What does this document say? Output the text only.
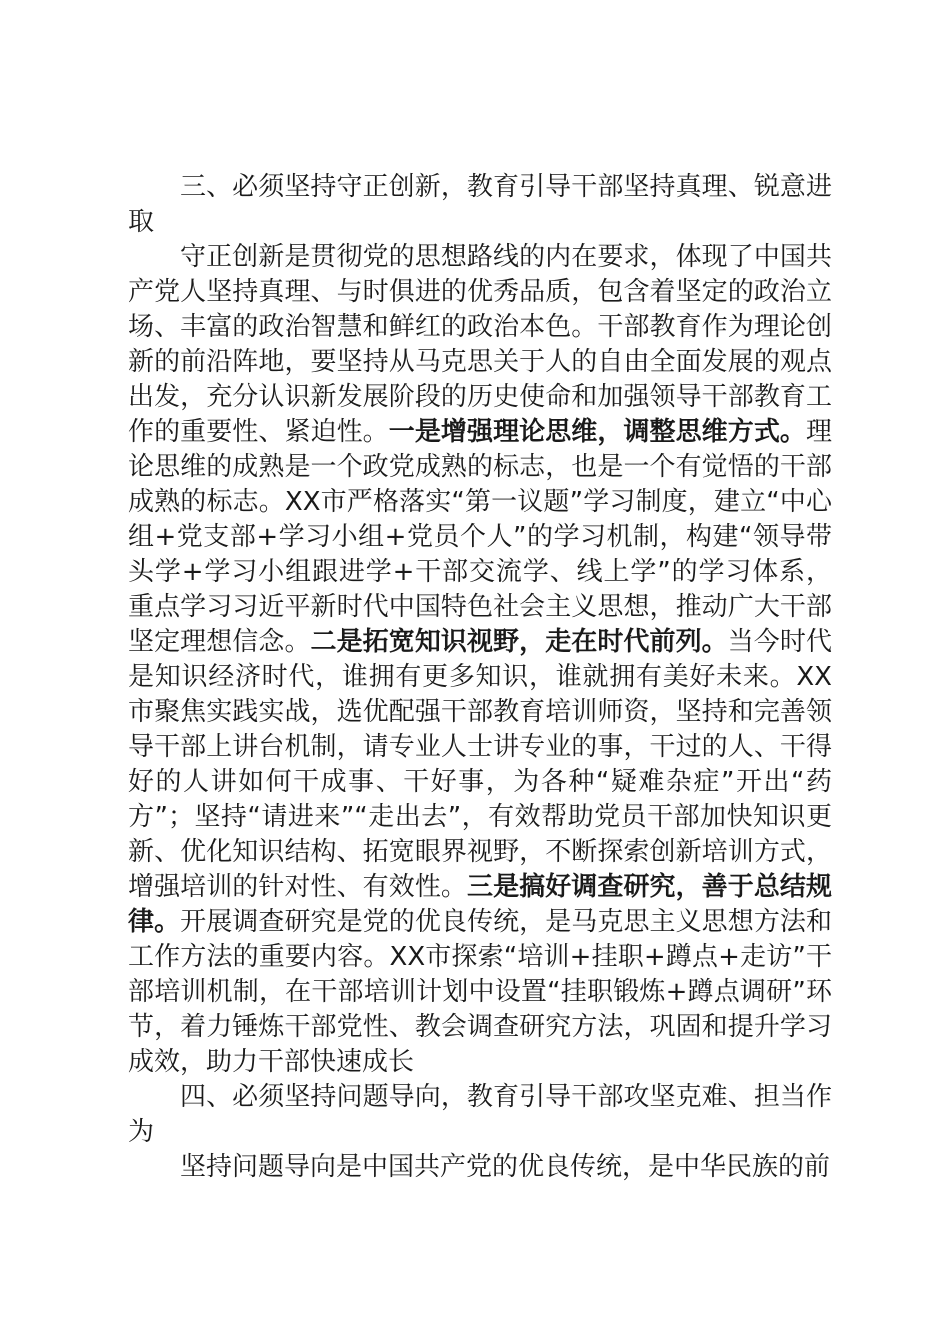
三、必须坚持守正创新，教育引导干部坚持真理、锐意进取

守正创新是贯彻党的思想路线的内在要求，体现了中国共产党人坚持真理、与时俱进的优秀品质，包含着坚定的政治立场、丰富的政治智慧和鲜红的政治本色。干部教育作为理论创新的前沿阵地，要坚持从马克思关于人的自由全面发展的观点出发，充分认识新发展阶段的历史使命和加强领导干部教育工作的重要性、紧迫性。一是增强理论思维，调整思维方式。理论思维的成熟是一个政党成熟的标志，也是一个有觉悟的干部成熟的标志。XX市严格落实“第一议题”学习制度，建立“中心组+党支部+学习小组+党员个人”的学习机制，构建“领导带头学+学习小组跟进学+干部交流学、线上学”的学习体系，重点学习习近平新时代中国特色社会主义思想，推动广大干部坚定理想信念。二是拓宽知识视野，走在时代前列。当今时代是知识经济时代，谁拥有更多知识，谁就拥有美好未来。XX市聚焦实践实战，选优配强干部教育培训师资，坚持和完善领导干部上讲台机制，请专业人士讲专业的事，干过的人、干得好的人讲如何干成事、干好事，为各种“疑难杂症”开出“药方”；坚持“请进来”“走出去”，有效帮助党员干部加快知识更新、优化知识结构、拓宽眼界视野，不断探索创新培训方式，增强培训的针对性、有效性。三是搞好调查研究，善于总结规律。开展调查研究是党的优良传统，是马克思主义思想方法和工作方法的重要内容。XX市探索“培训+挂职+蹲点+走访”干部培训机制，在干部培训计划中设置“挂职锻炼+蹲点调研”环节，着力锤炼干部党性、教会调查研究方法，巩固和提升学习成效，助力干部快速成长

四、必须坚持问题导向，教育引导干部攻坚克难、担当作为

坚持问题导向是中国共产党的优良传统，是中华民族的前
